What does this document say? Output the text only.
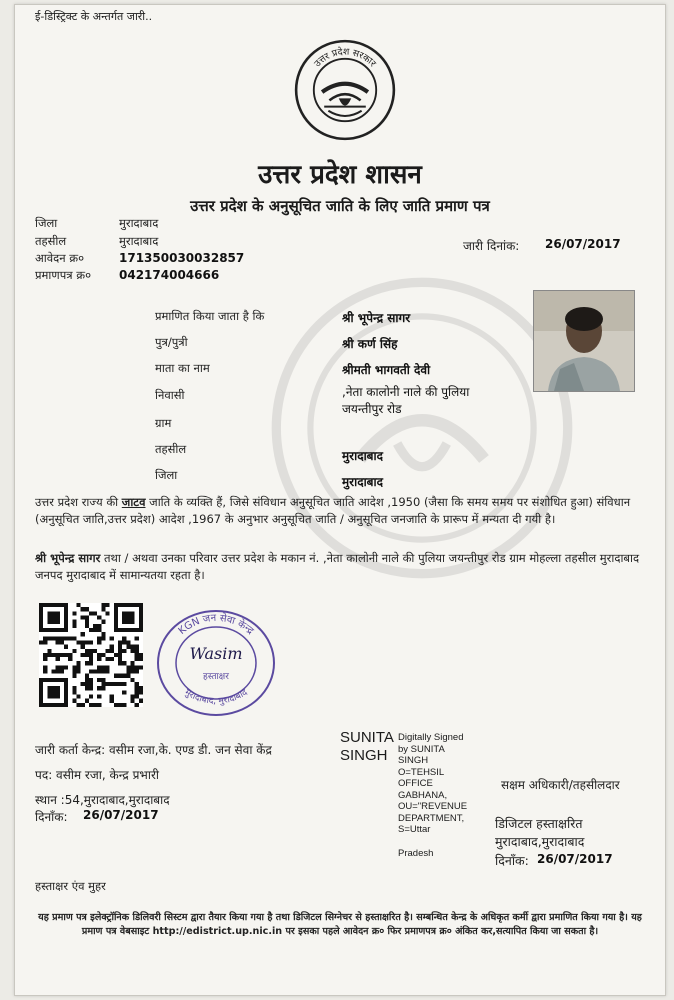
ई-डिस्ट्रिक्ट के अन्तर्गत जारी..
उत्तर प्रदेश सरकार
उत्तर प्रदेश शासन
उत्तर प्रदेश के अनुसूचित जाति के लिए जाति प्रमाण पत्र
जिला	मुरादाबाद
तहसील	मुरादाबाद
आवेदन क्र०	171350030032857
प्रमाणपत्र क्र० 042174004666
जारी दिनांक: 26/07/2017
प्रमाणित किया जाता है कि	श्री भूपेन्द्र सागर
पुत्र/पुत्री	श्री कर्ण सिंह
माता का नाम	श्रीमती भागवती देवी
निवासी	,नेता कालोनी नाले की पुलिया
जयन्तीपुर रोड
ग्राम
तहसील	मुरादाबाद
जिला	मुरादाबाद
उत्तर प्रदेश राज्य की जाटव जाति के व्यक्ति हैं, जिसे संविधान अनुसूचित जाति आदेश ,1950 (जैसा कि समय समय पर संशोधित हुआ) संविधान (अनुसूचित जाति,उत्तर प्रदेश) आदेश ,1967 के अनुभार अनुसूचित जाति / अनुसूचित जनजाति के प्रारूप में मन्यता दी गयी है।
श्री भूपेन्द्र सागर तथा / अथवा उनका परिवार उत्तर प्रदेश के मकान नं. ,नेता कालोनी नाले की पुलिया जयन्तीपुर रोड ग्राम मोहल्ला तहसील मुरादाबाद जनपद मुरादाबाद में सामान्यतया रहता है।
KGN जन सेवा केन्द्र
मुरादाबाद, मुरादाबाद
Wasim
हस्ताक्षर
जारी कर्ता केन्द्र: वसीम रजा,के. एण्ड डी. जन सेवा केंद्र
पद: वसीम रजा, केन्द्र प्रभारी
स्थान :54,मुरादाबाद,मुरादाबाद
दिनाँक: 26/07/2017
SUNITA
SINGH
Digitally Signed
by SUNITA
SINGH
O=TEHSIL
OFFICE
GABHANA,
OU="REVENUE
DEPARTMENT,
S=Uttar
Pradesh
सक्षम अधिकारी/तहसीलदार
डिजिटल हस्ताक्षरित
मुरादाबाद,मुरादाबाद
दिनाँक: 26/07/2017
हस्ताक्षर एंव मुहर
यह प्रमाण पत्र इलेक्ट्रॉनिक डिलिवरी सिस्टम द्वारा तैयार किया गया है तथा डिजिटल सिग्नेचर से हस्ताक्षरित है। सम्बन्धित केन्द्र के अधिकृत कर्मी द्वारा प्रमाणित किया गया है। यह प्रमाण पत्र वेबसाइट http://edistrict.up.nic.in पर इसका पहले आवेदन क्र० फिर प्रमाणपत्र क्र० अंकित कर,सत्यापित किया जा सकता है।
